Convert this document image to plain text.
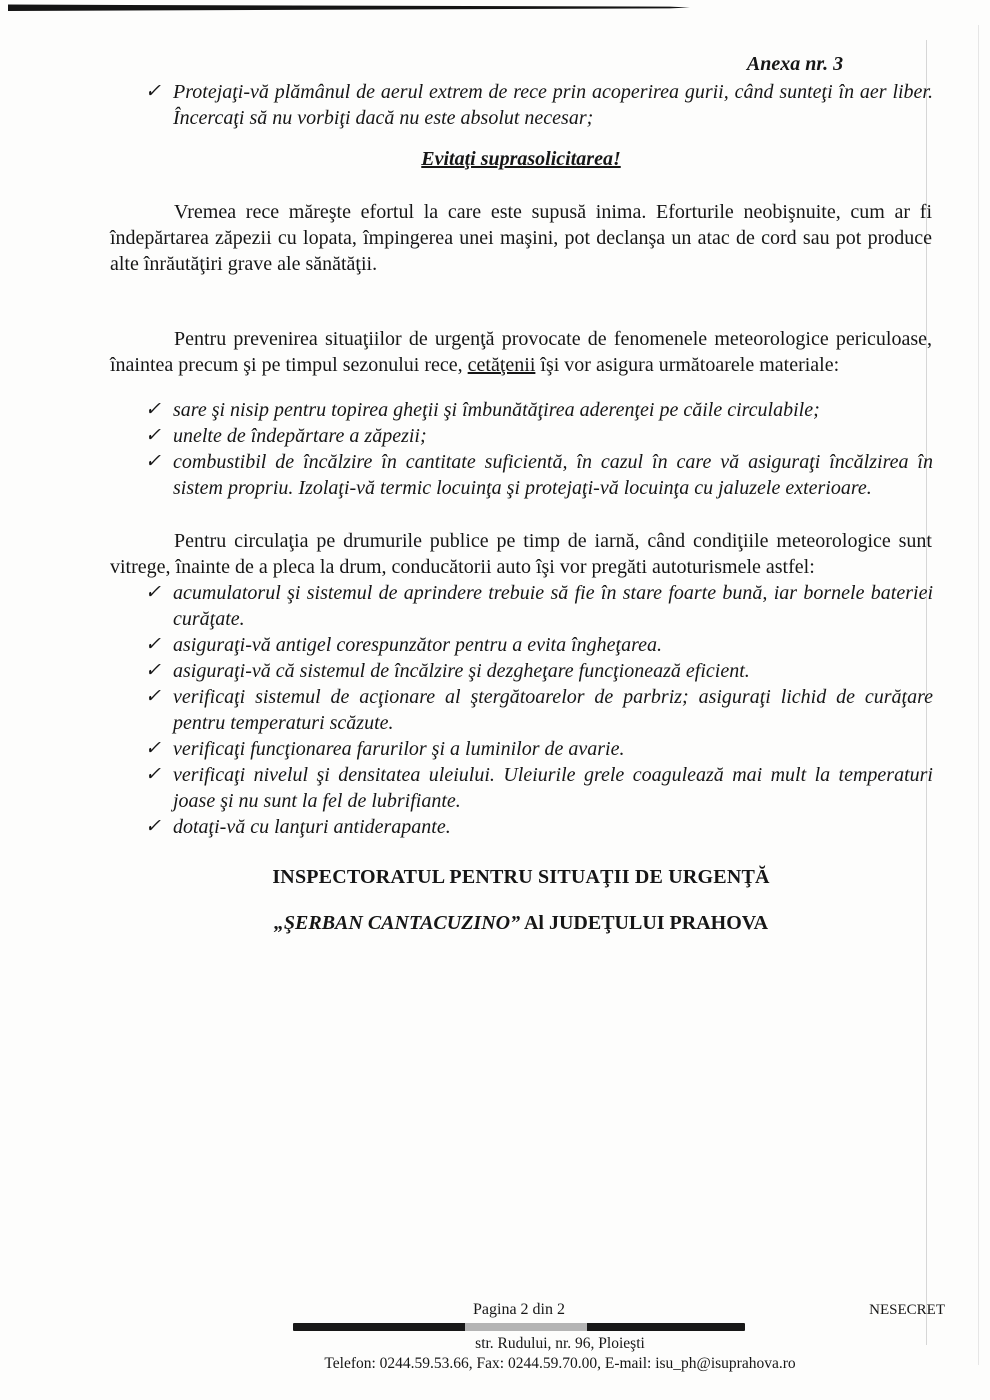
Anexa nr. 3
✓ Protejaţi-vă plămânul de aerul extrem de rece prin acoperirea gurii, când sunteţi în aer liber. Încercaţi să nu vorbiţi dacă nu este absolut necesar;
Evitaţi suprasolicitarea!

Vremea rece măreşte efortul la care este supusă inima. Eforturile neobişnuite, cum ar fi îndepărtarea zăpezii cu lopata, împingerea unei maşini, pot declanşa un atac de cord sau pot produce alte înrăutăţiri grave ale sănătăţii.

Pentru prevenirea situaţiilor de urgenţă provocate de fenomenele meteorologice periculoase, înaintea precum şi pe timpul sezonului rece, cetăţenii îşi vor asigura următoarele materiale:

✓ sare şi nisip pentru topirea gheţii şi îmbunătăţirea aderenţei pe căile circulabile;
✓ unelte de îndepărtare a zăpezii;
✓ combustibil de încălzire în cantitate suficientă, în cazul în care vă asiguraţi încălzirea în sistem propriu. Izolaţi-vă termic locuinţa şi protejaţi-vă locuinţa cu jaluzele exterioare.

Pentru circulaţia pe drumurile publice pe timp de iarnă, când condiţiile meteorologice sunt vitrege, înainte de a pleca la drum, conducătorii auto îşi vor pregăti autoturismele astfel:

✓ acumulatorul şi sistemul de aprindere trebuie să fie în stare foarte bună, iar bornele bateriei curăţate.
✓ asiguraţi-vă antigel corespunzător pentru a evita îngheţarea.
✓ asiguraţi-vă că sistemul de încălzire şi dezgheţare funcţionează eficient.
✓ verificaţi sistemul de acţionare al ştergătoarelor de parbriz; asiguraţi lichid de curăţare pentru temperaturi scăzute.
✓ verificaţi funcţionarea farurilor şi a luminilor de avarie.
✓ verificaţi nivelul şi densitatea uleiului. Uleiurile grele coagulează mai mult la temperaturi joase şi nu sunt la fel de lubrifiante.
✓ dotaţi-vă cu lanţuri antiderapante.
INSPECTORATUL PENTRU SITUAŢII DE URGENŢĂ
„ŞERBAN CANTACUZINO” Al JUDEŢULUI PRAHOVA
Pagina 2 din 2	NESECRET
str. Rudului, nr. 96, Ploieşti
Telefon: 0244.59.53.66, Fax: 0244.59.70.00, E-mail: isu_ph@isuprahova.ro
